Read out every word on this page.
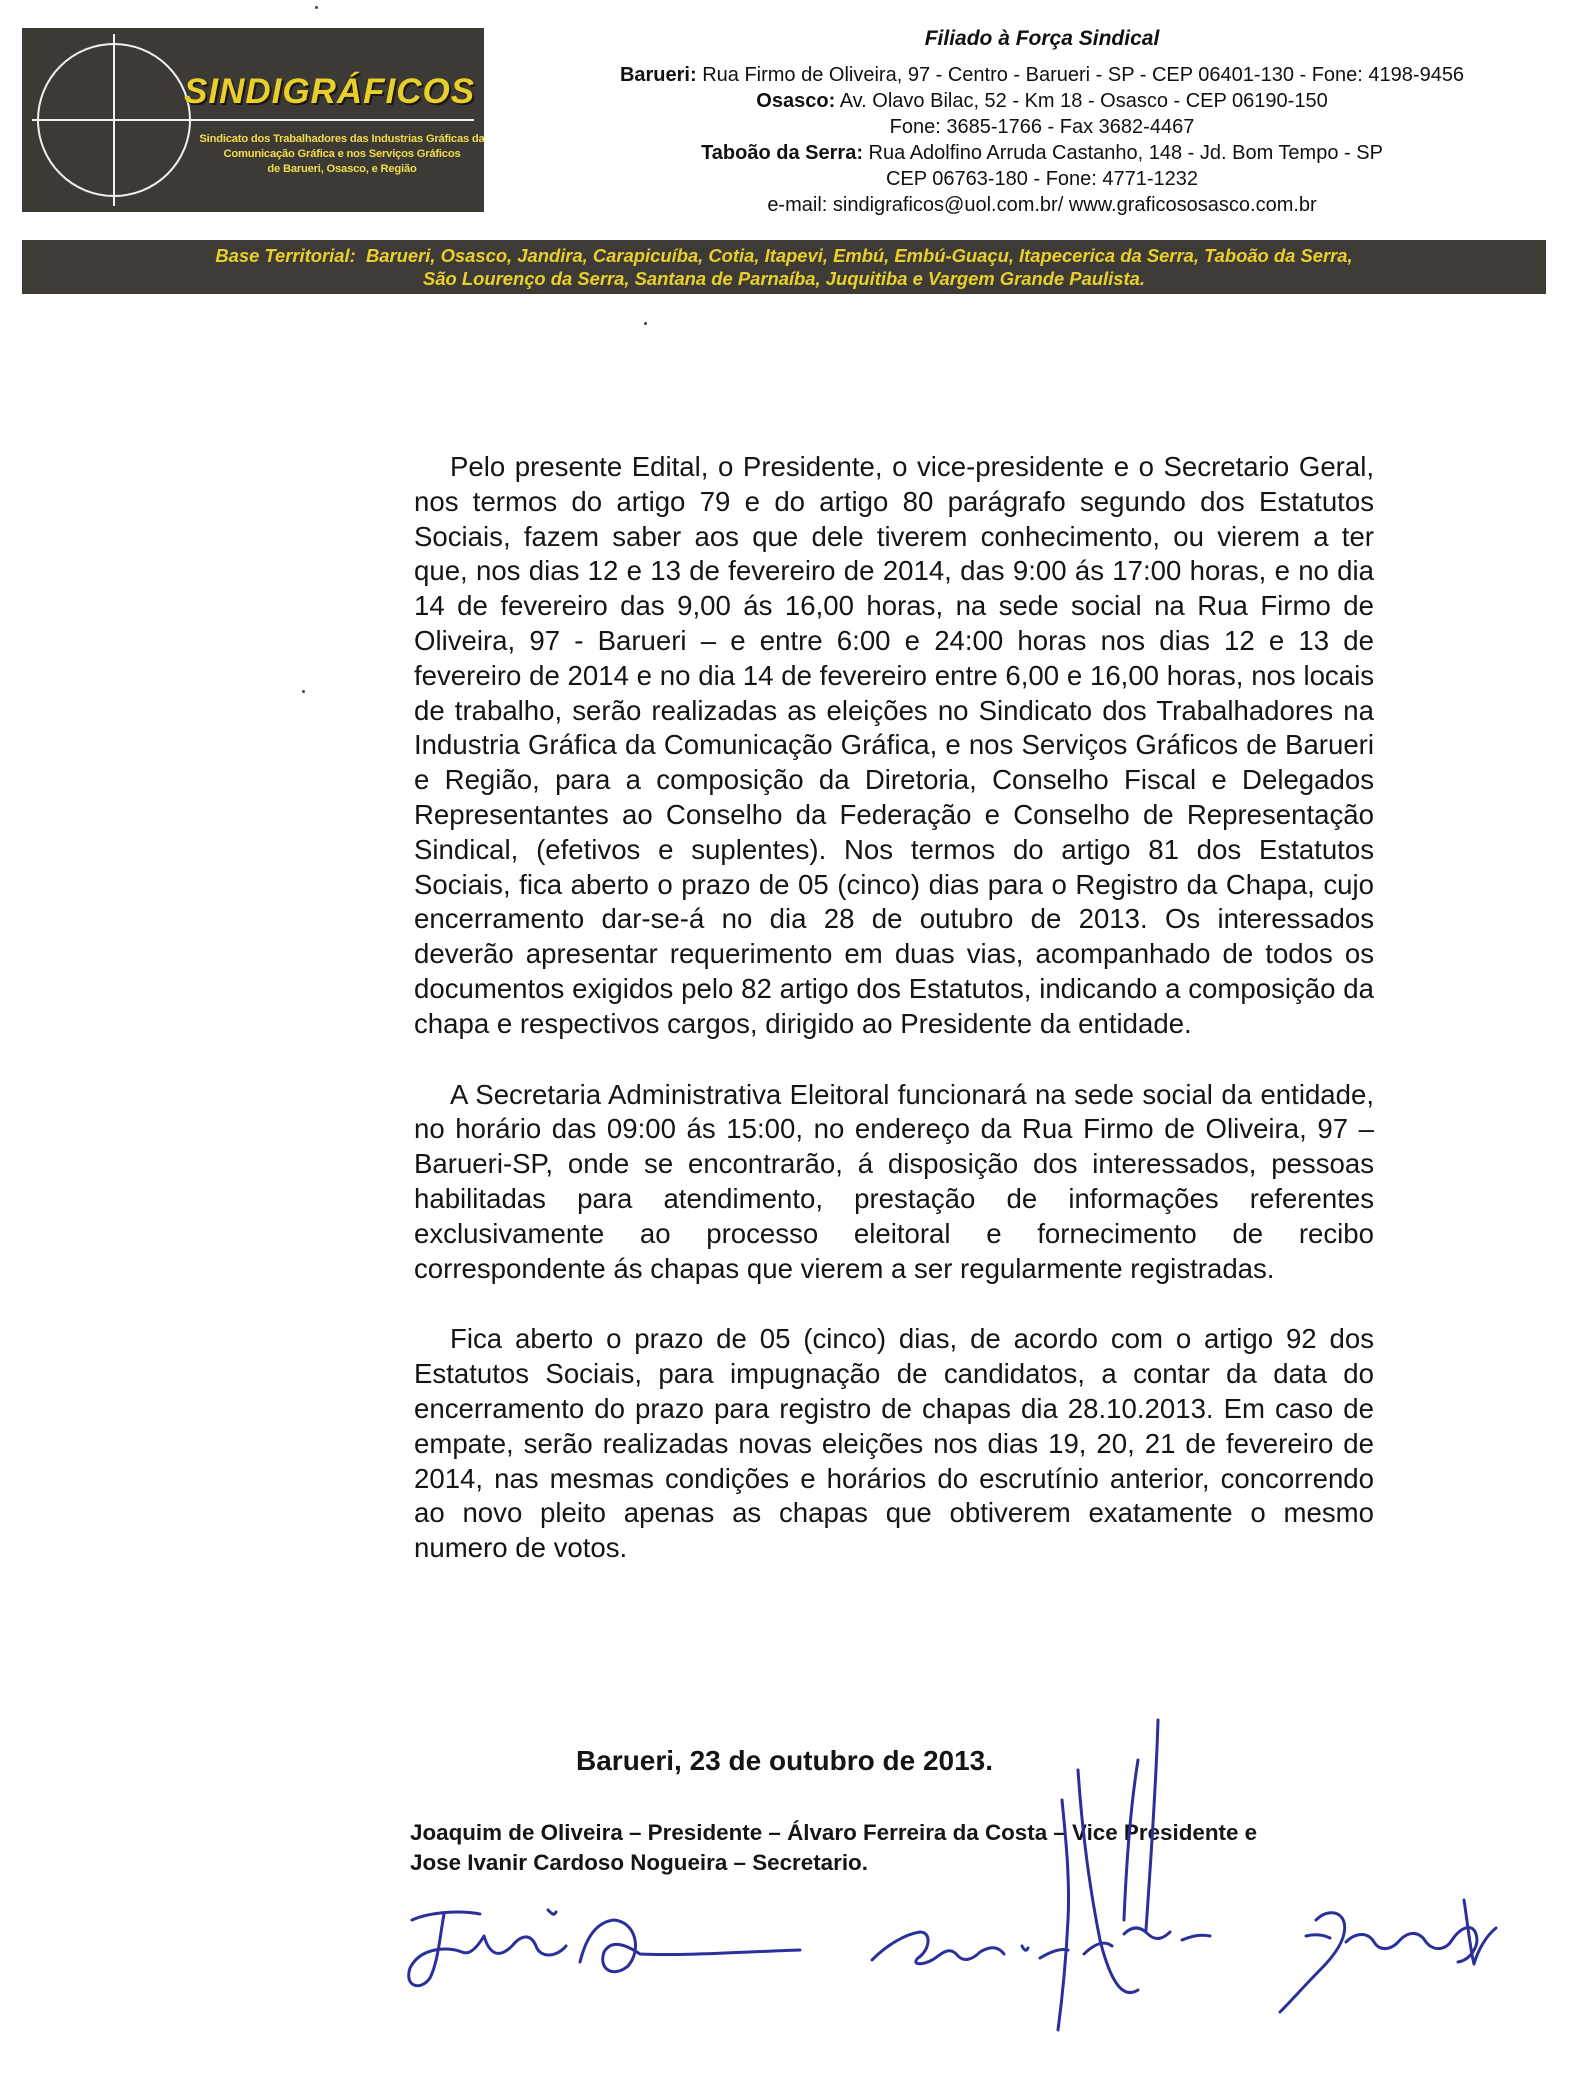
SINDIGRÁFICOS
Sindicato dos Trabalhadores das Industrias Gráficas da
Comunicação Gráfica e nos Serviços Gráficos
de Barueri, Osasco, e Região
Filiado à Força Sindical
Barueri: Rua Firmo de Oliveira, 97 - Centro - Barueri - SP - CEP 06401-130 - Fone: 4198-9456
Osasco: Av. Olavo Bilac, 52 - Km 18 - Osasco - CEP 06190-150
Fone: 3685-1766 - Fax 3682-4467
Taboão da Serra: Rua Adolfino Arruda Castanho, 148 - Jd. Bom Tempo - SP
CEP 06763-180 - Fone: 4771-1232
e-mail: sindigraficos@uol.com.br/ www.graficososasco.com.br
Base Territorial: Barueri, Osasco, Jandira, Carapicuíba, Cotia, Itapevi, Embú, Embú-Guaçu, Itapecerica da Serra, Taboão da Serra,
São Lourenço da Serra, Santana de Parnaíba, Juquitiba e Vargem Grande Paulista.

Pelo presente Edital, o Presidente, o vice-presidente e o Secretario Geral, nos termos do artigo 79 e do artigo 80 parágrafo segundo dos Estatutos Sociais, fazem saber aos que dele tiverem conhecimento, ou vierem a ter que, nos dias 12 e 13 de fevereiro de 2014, das 9:00 ás 17:00 horas, e no dia 14 de fevereiro das 9,00 ás 16,00 horas, na sede social na Rua Firmo de Oliveira, 97 - Barueri – e entre 6:00 e 24:00 horas nos dias 12 e 13 de fevereiro de 2014 e no dia 14 de fevereiro entre 6,00 e 16,00 horas, nos locais de trabalho, serão realizadas as eleições no Sindicato dos Trabalhadores na Industria Gráfica da Comunicação Gráfica, e nos Serviços Gráficos de Barueri e Região, para a composição da Diretoria, Conselho Fiscal e Delegados Representantes ao Conselho da Federação e Conselho de Representação Sindical, (efetivos e suplentes). Nos termos do artigo 81 dos Estatutos Sociais, fica aberto o prazo de 05 (cinco) dias para o Registro da Chapa, cujo encerramento dar-se-á no dia 28 de outubro de 2013. Os interessados deverão apresentar requerimento em duas vias, acompanhado de todos os documentos exigidos pelo 82 artigo dos Estatutos, indicando a composição da chapa e respectivos cargos, dirigido ao Presidente da entidade.

A Secretaria Administrativa Eleitoral funcionará na sede social da entidade, no horário das 09:00 ás 15:00, no endereço da Rua Firmo de Oliveira, 97 – Barueri-SP, onde se encontrarão, á disposição dos interessados, pessoas habilitadas para atendimento, prestação de informações referentes exclusivamente ao processo eleitoral e fornecimento de recibo correspondente ás chapas que vierem a ser regularmente registradas.

Fica aberto o prazo de 05 (cinco) dias, de acordo com o artigo 92 dos Estatutos Sociais, para impugnação de candidatos, a contar da data do encerramento do prazo para registro de chapas dia 28.10.2013. Em caso de empate, serão realizadas novas eleições nos dias 19, 20, 21 de fevereiro de 2014, nas mesmas condições e horários do escrutínio anterior, concorrendo ao novo pleito apenas as chapas que obtiverem exatamente o mesmo numero de votos.

Barueri, 23 de outubro de 2013.
Joaquim de Oliveira – Presidente – Álvaro Ferreira da Costa – Vice Presidente e
Jose Ivanir Cardoso Nogueira – Secretario.
